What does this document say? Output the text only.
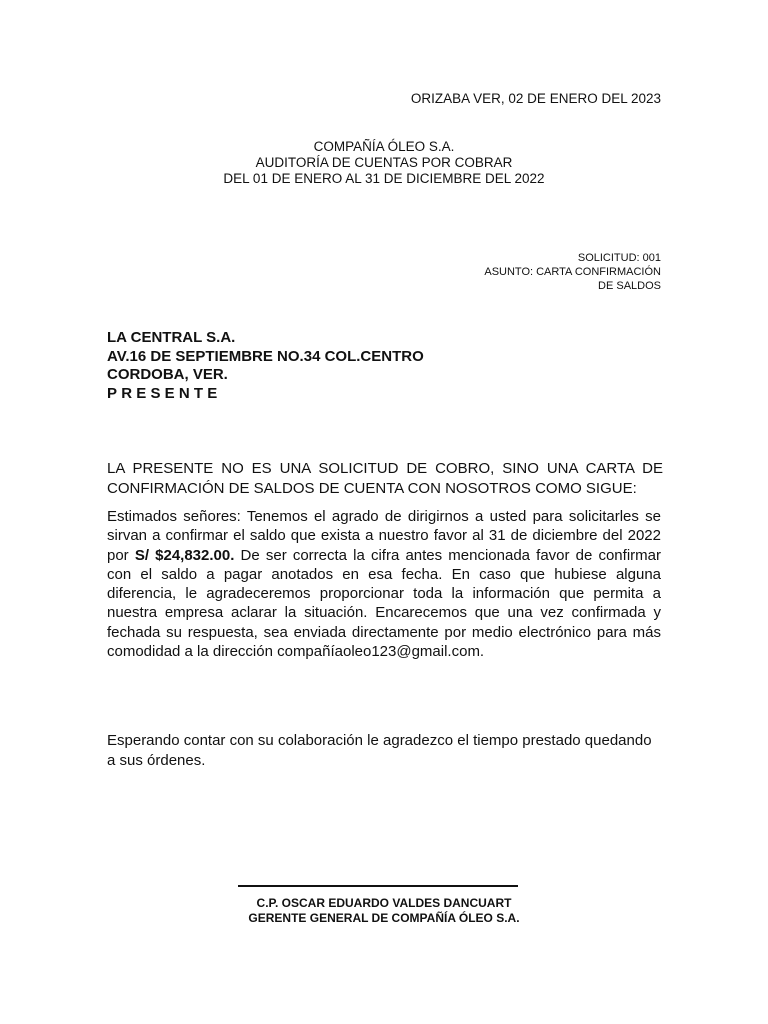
ORIZABA VER, 02 DE ENERO DEL 2023
COMPAÑÍA ÓLEO S.A.
AUDITORÍA DE CUENTAS POR COBRAR
DEL 01 DE ENERO AL 31 DE DICIEMBRE DEL 2022
SOLICITUD: 001
ASUNTO: CARTA CONFIRMACIÓN
DE SALDOS
LA CENTRAL S.A.
AV.16 DE SEPTIEMBRE NO.34 COL.CENTRO
CORDOBA, VER.
PRESENTE
LA PRESENTE NO ES UNA SOLICITUD DE COBRO, SINO UNA CARTA DE CONFIRMACIÓN DE SALDOS DE CUENTA CON NOSOTROS COMO SIGUE:
Estimados señores: Tenemos el agrado de dirigirnos a usted para solicitarles se sirvan a confirmar el saldo que exista a nuestro favor al 31 de diciembre del 2022 por S/ $24,832.00. De ser correcta la cifra antes mencionada favor de confirmar con el saldo a pagar anotados en esa fecha. En caso que hubiese alguna diferencia, le agradeceremos proporcionar toda la información que permita a nuestra empresa aclarar la situación. Encarecemos que una vez confirmada y fechada su respuesta, sea enviada directamente por medio electrónico para más comodidad a la dirección compañíaoleo123@gmail.com.
Esperando contar con su colaboración le agradezco el tiempo prestado quedando a sus órdenes.
C.P. OSCAR EDUARDO VALDES DANCUART
GERENTE GENERAL DE COMPAÑÍA ÓLEO S.A.
